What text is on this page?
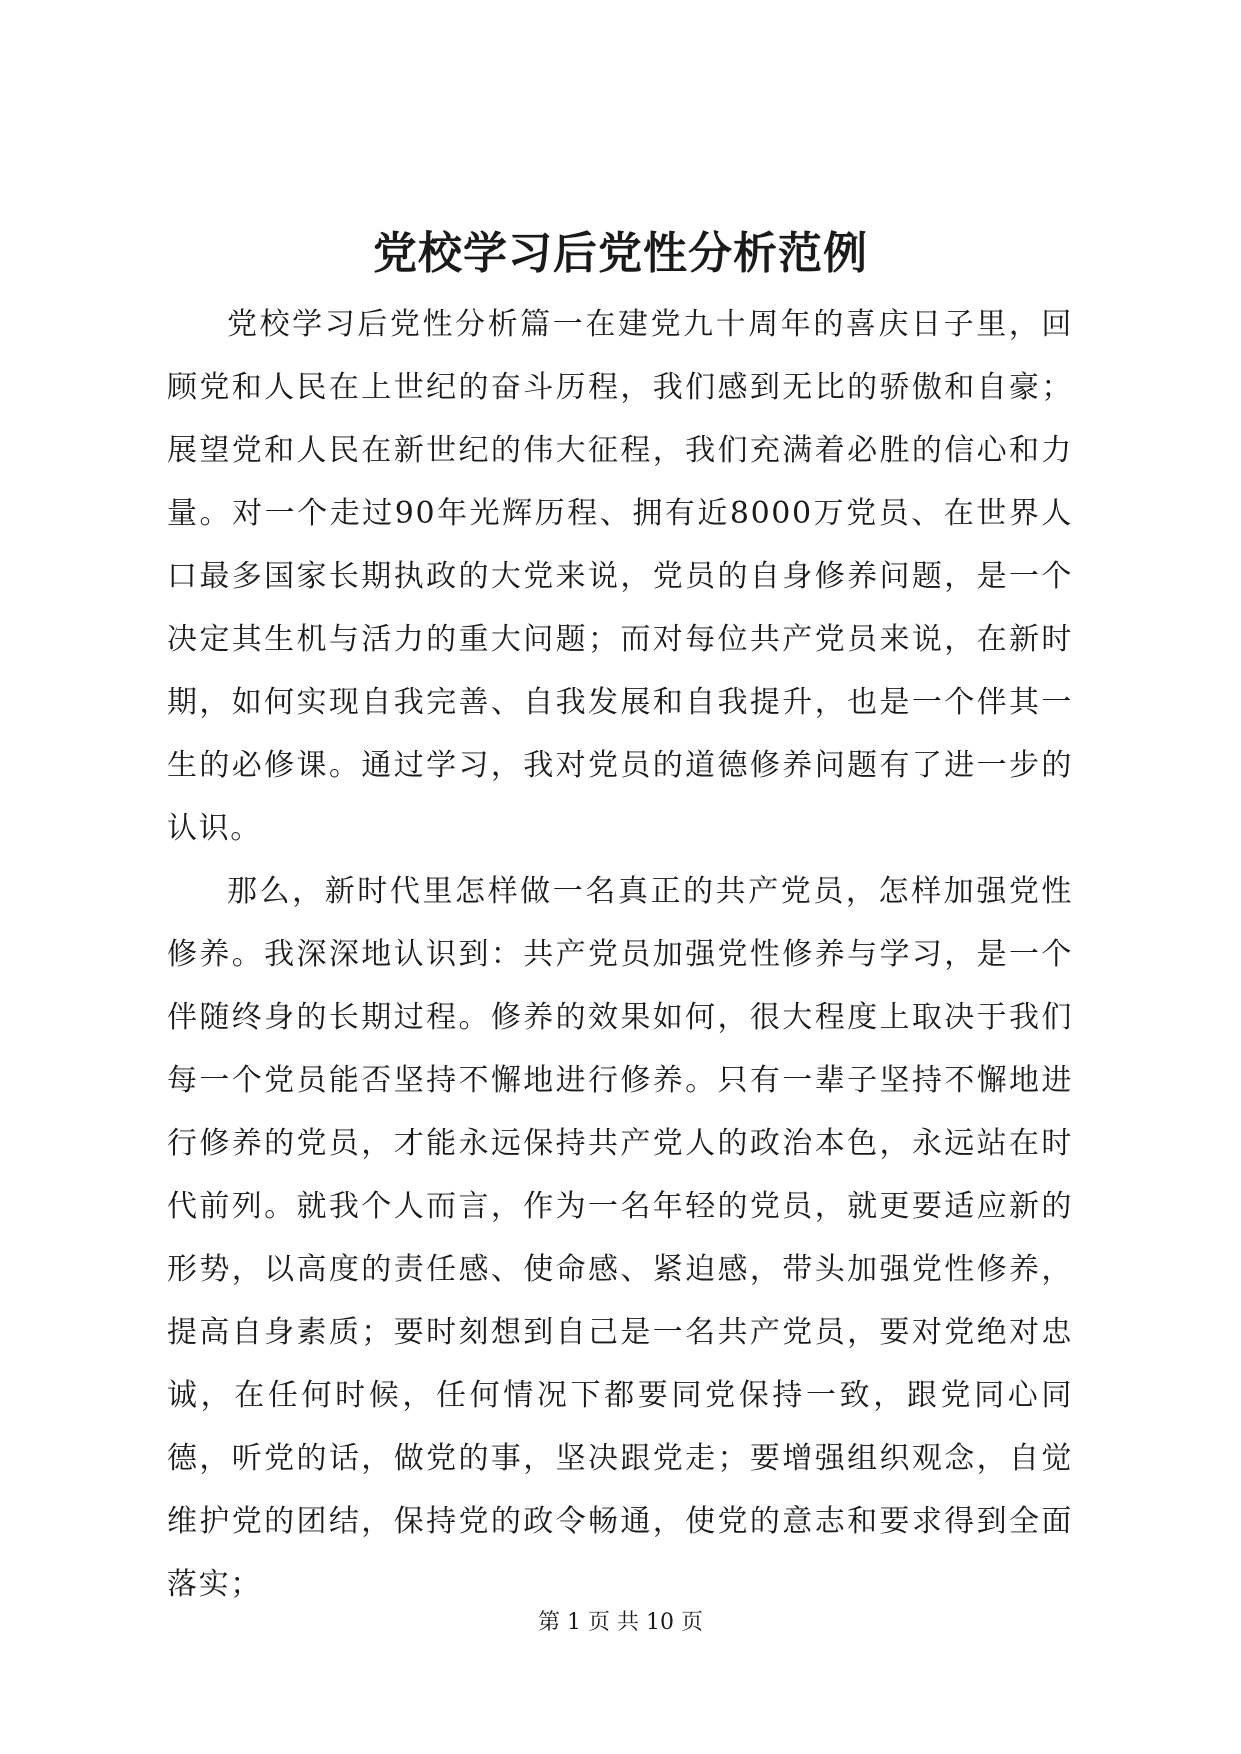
党校学习后党性分析范例

党校学习后党性分析篇一在建党九十周年的喜庆日子里，回顾党和人民在上世纪的奋斗历程，我们感到无比的骄傲和自豪；展望党和人民在新世纪的伟大征程，我们充满着必胜的信心和力量。对一个走过90年光辉历程、拥有近8000万党员、在世界人口最多国家长期执政的大党来说，党员的自身修养问题，是一个决定其生机与活力的重大问题；而对每位共产党员来说，在新时期，如何实现自我完善、自我发展和自我提升，也是一个伴其一生的必修课。通过学习，我对党员的道德修养问题有了进一步的认识。

那么，新时代里怎样做一名真正的共产党员，怎样加强党性修养。我深深地认识到：共产党员加强党性修养与学习，是一个伴随终身的长期过程。修养的效果如何，很大程度上取决于我们每一个党员能否坚持不懈地进行修养。只有一辈子坚持不懈地进行修养的党员，才能永远保持共产党人的政治本色，永远站在时代前列。就我个人而言，作为一名年轻的党员，就更要适应新的形势，以高度的责任感、使命感、紧迫感，带头加强党性修养，提高自身素质；要时刻想到自己是一名共产党员，要对党绝对忠诚，在任何时候，任何情况下都要同党保持一致，跟党同心同德，听党的话，做党的事，坚决跟党走；要增强组织观念，自觉维护党的团结，保持党的政令畅通，使党的意志和要求得到全面落实；

第 1 页 共 10 页
